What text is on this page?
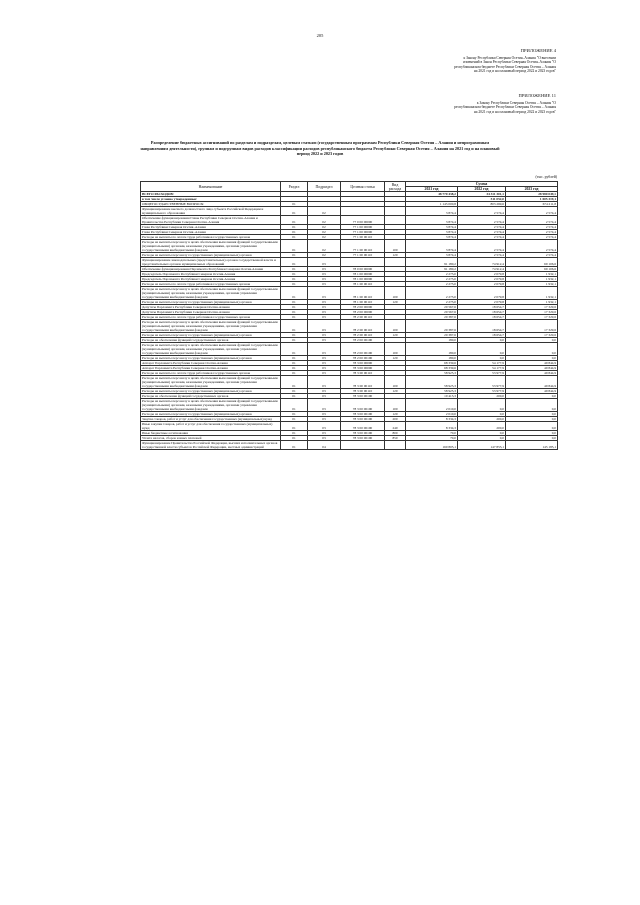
205
ПРИЛОЖЕНИЕ 4
к Закону Республики Северная Осетия–Алания "О внесении
изменений в Закон Республики Северная Осетия–Алания "О
республиканском бюджете Республики Северная Осетия – Алания
на 2021 год и на плановый период 2022 и 2023 годов"
ПРИЛОЖЕНИЕ 11
к Закону Республики Северная Осетия – Алания "О
республиканском бюджете Республики Северная Осетия – Алания
на 2021 год и на плановый период 2022 и 2023 годов"
Распределение бюджетных ассигнований по разделам и подразделам, целевым статьям (государственным программам Республики Северная Осетия – Алания и непрограммным направлениям деятельности), группам и подгруппам видов расходов классификации расходов республиканского бюджета Республики Северная Осетия – Алания на 2021 год и на плановый период 2022 и 2023 годов
(тыс. рублей)
Наименование	Раздел	Подраздел	Целевая статья	Вид расхода	Сумма		
					2021 год	2022 год	2023 год
ВСЕГО РАСХОДОВ:					48 770 438,2	34 311 301,1	28 980 049,1
в том числе условно утвержденные:						511 052,0	1 005 319,1
ОБЩЕГОСУДАРСТВЕННЫЕ ВОПРОСЫ	01				1 145 000,8	803 269,6	674 211,8
Функционирование высшего должностного лица субъекта Российской Федерации и муниципального образования	01	02			3 874,4	2 574,4	2 574,4
Обеспечение функционирования Главы Республики Северная Осетия–Алания и Правительства Республики Северная Осетия–Алания	01	02	77 0 00 00000		3 874,4	2 574,4	2 574,4
Глава Республики Северная Осетия–Алания	01	02	77 1 00 00000		3 874,4	2 574,4	2 574,4
Глава Республики Северная Осетия–Алания	01	02	77 1 00 00000		3 874,4	2 574,4	2 574,4
Расходы на выплаты по оплате труда работников государственных органов	01	02	77 1 00 00110		3 874,4	2 574,4	2 574,4
Расходы на выплаты персоналу в целях обеспечения выполнения функций государственными (муниципальными) органами, казенными учреждениями, органами управления государственными внебюджетными фондами	01	02	77 1 00 00110	100	3 874,4	2 574,4	2 574,4
Расходы на выплаты персоналу государственных (муниципальных) органов	01	02	77 1 00 00110	120	3 874,4	2 574,4	2 574,4
Функционирование законодательных (представительных) органов государственной власти и представительных органов муниципальных образований	01	03			91 180,2	74 912,4	69 106,6
Обеспечение функционирования Парламента Республики Северная Осетия-Алания	01	03	78 0 00 00000		91 180,2	74 912,4	69 106,6
Председатель Парламента Республики Северная Осетия-Алания	01	03	78 1 00 00000		2 273,0	2 079,8	1 932,1
Председатель Парламента Республики Северная Осетия-Алания	01	03	78 1 00 00000		2 273,0	2 079,8	1 932,1
Расходы на выплаты по оплате труда работников государственных органов	01	03	78 1 00 00110		2 273,0	2 079,8	1 932,1
Расходы на выплаты персоналу в целях обеспечения выполнения функций государственными (муниципальными) органами, казенными учреждениями, органами управления государственными внебюджетными фондами	01	03	78 1 00 00110	100	2 273,0	2 079,8	1 932,1
Расходы на выплаты персоналу государственных (муниципальных) органов	01	03	78 1 00 00110	120	2 273,0	2 079,8	1 932,1
Депутаты Парламента Республики Северная Осетия-Алания	01	03	78 2 00 00000		20 567,6	18 654,7	17 329,6
Депутаты Парламента Республики Северная Осетия-Алания	01	03	78 2 00 00000		20 567,6	18 654,7	17 329,6
Расходы на выплаты по оплате труда работников государственных органов	01	03	78 2 00 00110		20 387,6	18 654,7	17 329,6
Расходы на выплаты персоналу в целях обеспечения выполнения функций государственными (муниципальными) органами, казенными учреждениями, органами управления государственными внебюджетными фондами	01	03	78 2 00 00110	100	20 387,6	18 654,7	17 329,6
Расходы на выплаты персоналу государственных (муниципальных) органов	01	03	78 2 00 00110	120	20 387,6	18 654,7	17 329,6
Расходы на обеспечение функций государственных органов	01	03	78 2 00 00190		180,0	0,0	0,0
Расходы на выплаты персоналу в целях обеспечения выполнения функций государственными (муниципальными) органами, казенными учреждениями, органами управления государственными внебюджетными фондами	01	03	78 2 00 00190	100	180,0	0,0	0,0
Расходы на выплаты персоналу государственных (муниципальных) органов	01	03	78 2 00 00190	120	180,0	0,0	0,0
Аппарат Парламента Республики Северная Осетия-Алания	01	03	78 3 00 00000		68 339,6	54 177,9	49 844,9
Аппарат Парламента Республики Северная Осетия-Алания	01	03	78 3 00 00000		68 339,6	54 177,9	49 844,9
Расходы на выплаты по оплате труда работников государственных органов	01	03	78 3 00 00110		58 925,3	53 977,9	49 844,9
Расходы на выплаты персоналу в целях обеспечения выполнения функций государственными (муниципальными) органами, казенными учреждениями, органами управления государственными внебюджетными фондами	01	03	78 3 00 00110	100	58 925,3	53 977,9	49 844,9
Расходы на выплаты персоналу государственных (муниципальных) органов	01	03	78 3 00 00110	120	58 925,3	53 977,9	49 844,9
Расходы на обеспечение функций государственных органов	01	03	78 3 00 00190		10 413,3	200,0	0,0
Расходы на выплаты персоналу в целях обеспечения выполнения функций государственными (муниципальными) органами, казенными учреждениями, органами управления государственными внебюджетными фондами	01	03	78 3 00 00190	100	2 010,0	0,0	0,0
Расходы на выплаты персоналу государственных (муниципальных) органов	01	03	78 3 00 00190	120	2 010,0	0,0	0,0
Закупка товаров, работ и услуг для обеспечения государственных (муниципальных) нужд	01	03	78 3 00 00190	200	8 334,3	200,0	0,0
Иные закупки товаров, работ и услуг для обеспечения государственных (муниципальных) нужд	01	03	78 3 00 00190	240	8 334,3	200,0	0,0
Иные бюджетные ассигнования	01	03	78 3 00 00190	800	70,0	0,0	0,0
Уплата налогов, сборов и иных платежей	01	03	78 3 00 00190	850	70,0	0,0	0,0
Функционирование Правительства Российской Федерации, высших исполнительных органов государственной власти субъектов Российской Федерации, местных администраций	01	04			160 805,1	147 853,1	145 185,1
